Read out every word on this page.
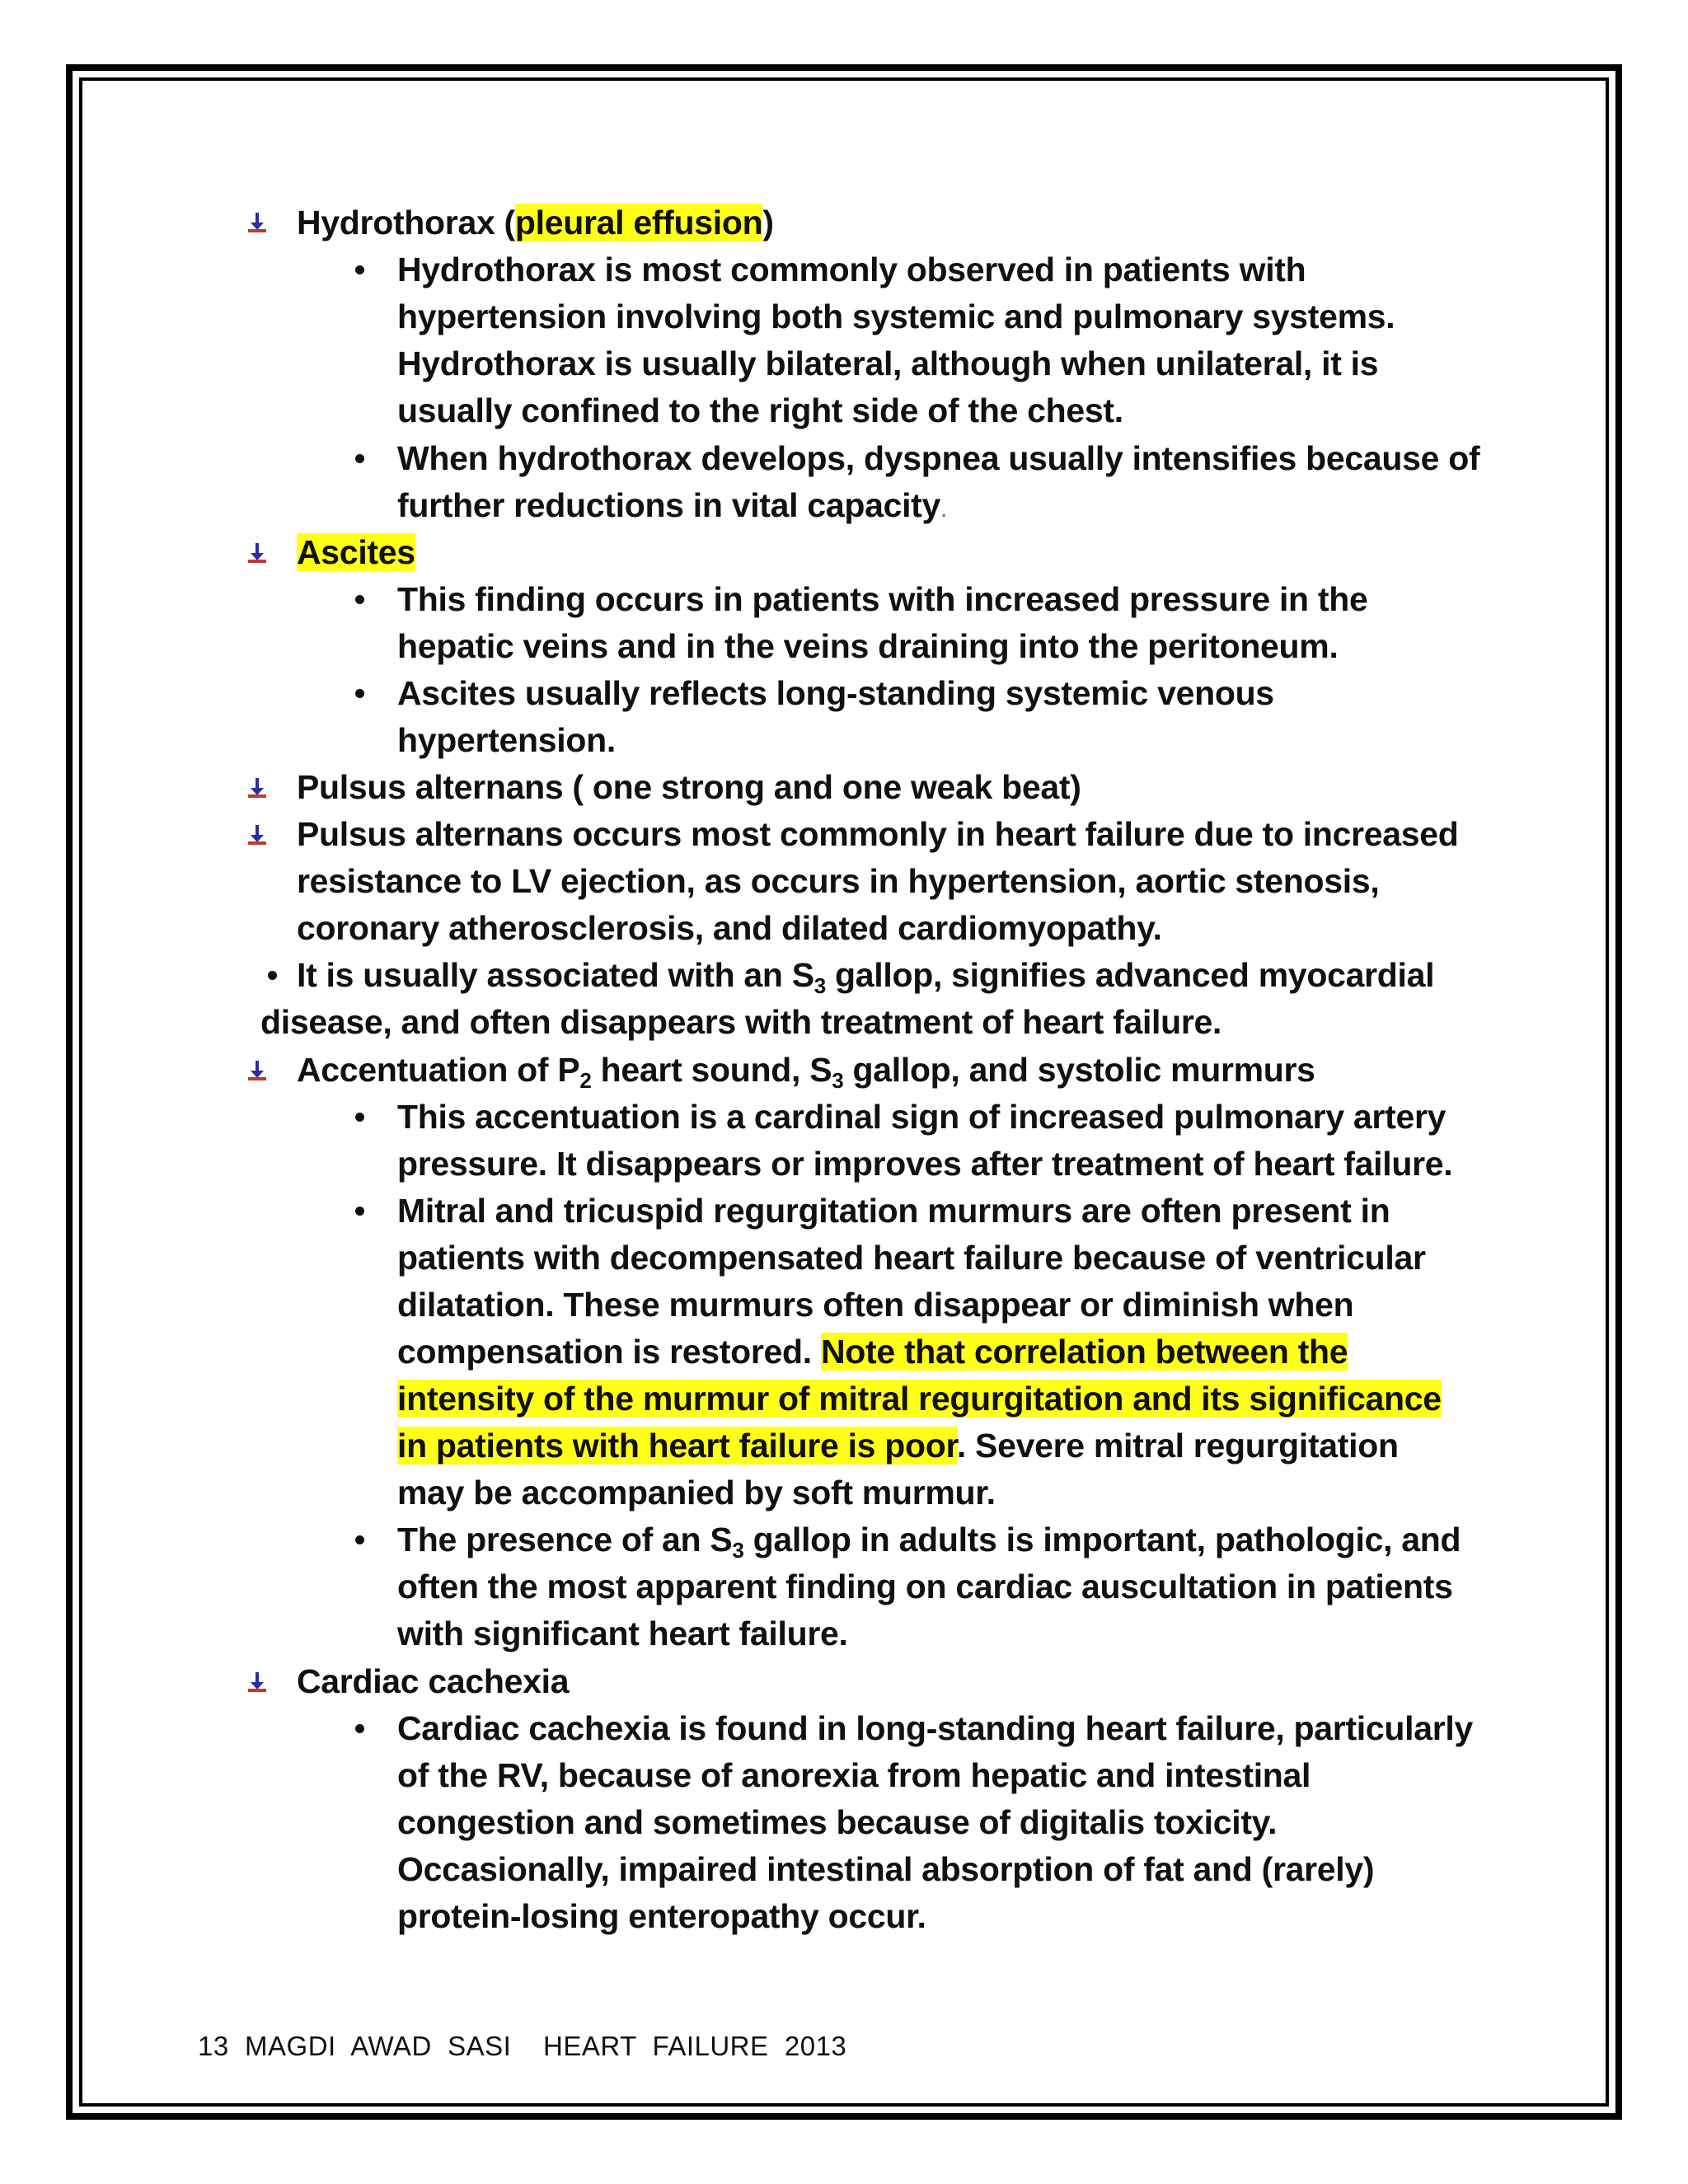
Hydrothorax (pleural effusion)
Hydrothorax is most commonly observed in patients with
hypertension involving both systemic and pulmonary systems.
Hydrothorax is usually bilateral, although when unilateral, it is
usually confined to the right side of the chest.
When hydrothorax develops, dyspnea usually intensifies because of
further reductions in vital capacity.
Ascites
This finding occurs in patients with increased pressure in the
hepatic veins and in the veins draining into the peritoneum.
Ascites usually reflects long-standing systemic venous
hypertension.
Pulsus alternans ( one strong and one weak beat)
Pulsus alternans occurs most commonly in heart failure due to increased
resistance to LV ejection, as occurs in hypertension, aortic stenosis,
coronary atherosclerosis, and dilated cardiomyopathy.
It is usually associated with an $S_3$ gallop, signifies advanced myocardial
disease, and often disappears with treatment of heart failure.
Accentuation of $P_2$ heart sound, $S_3$ gallop, and systolic murmurs
This accentuation is a cardinal sign of increased pulmonary artery
pressure. It disappears or improves after treatment of heart failure.
Mitral and tricuspid regurgitation murmurs are often present in
patients with decompensated heart failure because of ventricular
dilatation. These murmurs often disappear or diminish when
compensation is restored. Note that correlation between the
intensity of the murmur of mitral regurgitation and its significance
in patients with heart failure is poor. Severe mitral regurgitation
may be accompanied by soft murmur.
The presence of an $S_3$ gallop in adults is important, pathologic, and
often the most apparent finding on cardiac auscultation in patients
with significant heart failure.
Cardiac cachexia
Cardiac cachexia is found in long-standing heart failure, particularly
of the RV, because of anorexia from hepatic and intestinal
congestion and sometimes because of digitalis toxicity.
Occasionally, impaired intestinal absorption of fat and (rarely)
protein-losing enteropathy occur.
13  MAGDI  AWAD  SASI    HEART  FAILURE  2013
